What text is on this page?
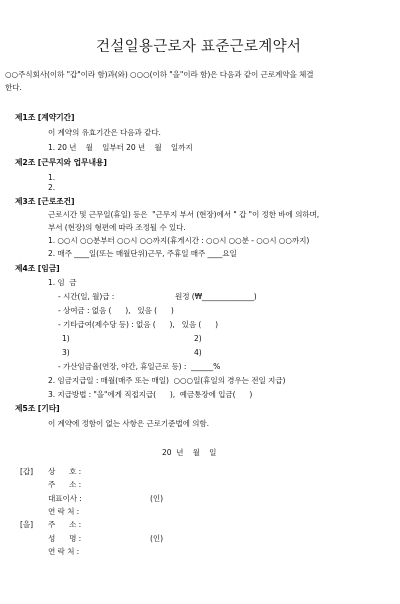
건설일용근로자 표준근로계약서
○○주식회사(이하 "갑"이라 함)과(와) ○○○(이하 "을"이라 함)은 다음과 같이 근로계약을 체결
한다.
제1조 [계약기간]
이 계약의 유효기간은 다음과 같다.
1. 20 년    월    일부터 20 년    월    일까지
제2조 [근무지와 업무내용]
1.
2.
제3조 [근로조건]
근로시간 및 근무일(휴일) 등은  "근무지 부서 (현장)에서 " 갑 "이 정한 바에 의하며,
부서 (현장)의 형편에 따라 조정될 수 있다.
1. ○○시 ○○분부터 ○○시 ○○까지(휴게시간 : ○○시 ○○분 - ○○시 ○○까지)
2. 매주 ____일(또는 매월단위)근무, 주휴일 매주 ____요일
제4조 [임금]
1. 임  금
- 시간(일, 월)급 :	원정 (₩______________)
- 상여금 : 없음 (      ),   있음 (      )
- 기타급여(제수당 등) : 없음 (      ),   있음 (      )
1)	2)
3)	4)
- 가산임금율(연장, 야간, 휴일근로 등) :  ______%
2. 임금지급일 : 매월(매주 또는 매일)  ○○○일(휴일의 경우는 전일 지급)
3. 지급방법 : "을"에게 직접지급(      ),  예금통장에 입금(      )
제5조 [기타]
이 계약에 정함이 없는 사항은 근로기준법에 의함.
20  년    월    일
[갑] 상      호 :
주      소 :
대표이사 :	(인)
연 락 처 :
[을] 주      소 :
성      명 :	(인)
연 락 처 :
